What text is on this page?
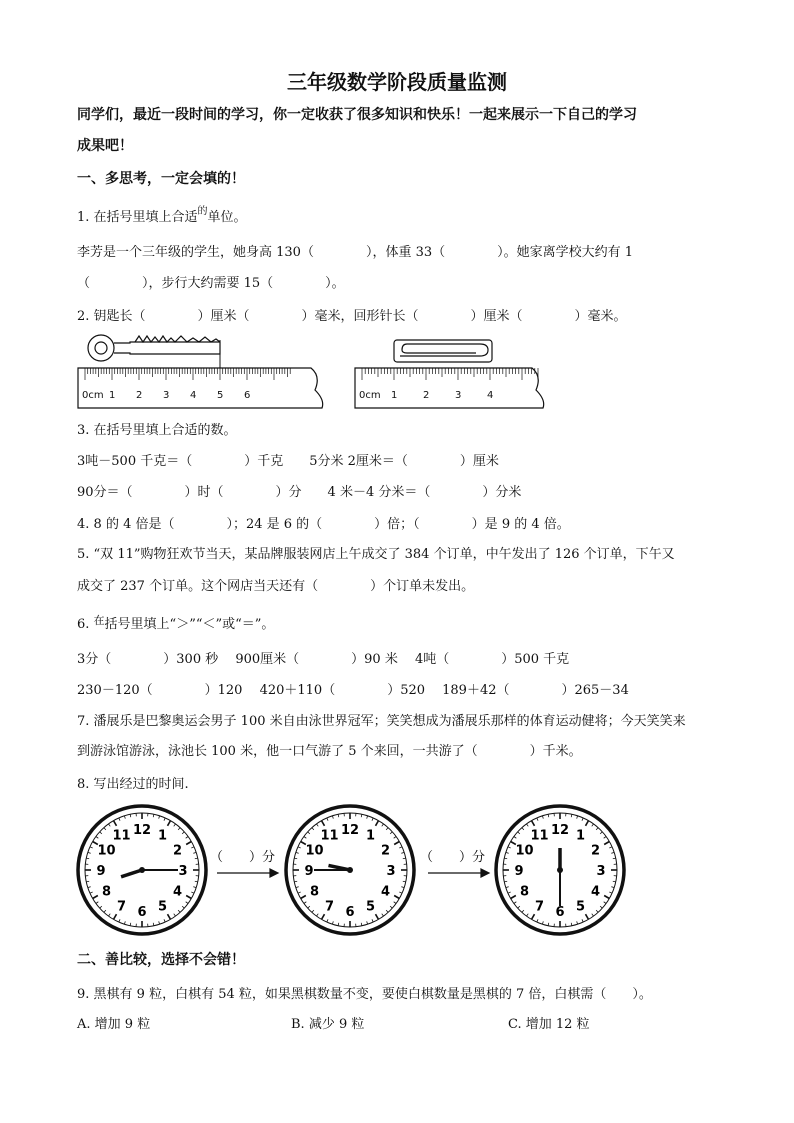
三年级数学阶段质量监测
同学们，最近一段时间的学习，你一定收获了很多知识和快乐！一起来展示一下自己的学习
成果吧！
一、多思考，一定会填的！
1. 在括号里填上合适$^的$单位。
李芳是一个三年级的学生，她身高 130（　　　　），体重 33（　　　　）。她家离学校大约有 1
（　　　　），步行大约需要 15（　　　　）。
2. 钥匙长（　　　　）厘米（　　　　）毫米，回形针长（　　　　）厘米（　　　　）毫米。
0cm 1 2 3 4 5 6	0cm 1	2	3	4
3. 在括号里填上合适的数。
3吨－500 千克＝（　　　　）千克　　5分米 2厘米＝（　　　　）厘米
90分＝（　　　　）时（　　　　）分　　4 米－4 分米＝（　　　　）分米
4. 8 的 4 倍是（　　　　）；24 是 6 的（　　　　）倍；（　　　　）是 9 的 4 倍。
5. “双 11”购物狂欢节当天，某品牌服装网店上午成交了 384 个订单，中午发出了 126 个订单，下午又
成交了 237 个订单。这个网店当天还有（　　　　）个订单未发出。
6. $^在$括号里填上“＞”“＜”或“＝”。
3分（　　　　）300 秒　 900厘米（　　　　）90 米　 4吨（　　　　）500 千克
230－120（　　　　）120　 420＋110（　　　　）520　 189＋42（　　　　）265－34
7. 潘展乐是巴黎奥运会男子 100 米自由泳世界冠军；笑笑想成为潘展乐那样的体育运动健将；今天笑笑来
到游泳馆游泳，泳池长 100 米，他一口气游了 5 个来回，一共游了（　　　　）千米。
8. 写出经过的时间.
12 1
2
3
4
5
6
7
8
9
10
11	12 1
2
3
4
5
6
7
8
9
10
11	12 1
2
3
4
5
6
7
8
9
10
11
（　　）分	（　　）分
二、善比较，选择不会错！
9. 黑棋有 9 粒，白棋有 54 粒，如果黑棋数量不变，要使白棋数量是黑棋的 7 倍，白棋需（　　）。
A. 增加 9 粒	B. 减少 9 粒	C. 增加 12 粒
